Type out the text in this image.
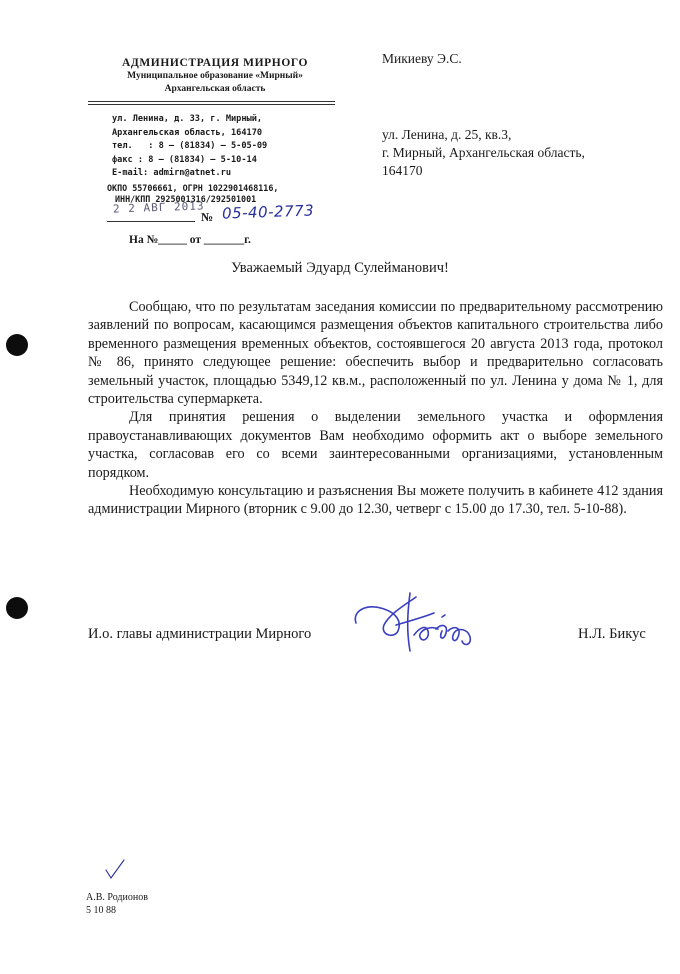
АДМИНИСТРАЦИЯ МИРНОГО
Муниципальное образование «Мирный»
Архангельская область
ул. Ленина, д. 33, г. Мирный,
Архангельская область, 164170
тел.   : 8 – (81834) – 5-05-09
факс : 8 – (81834) – 5-10-14
E-mail: admirn@atnet.ru
ОКПО 55706661, ОГРН 1022901468116,
ИНН/КПП 2925001316/292501001
2 2 АВГ 2013
№ 05-40-2773
На №_____ от _______г.
Микиеву Э.С.
ул. Ленина, д. 25, кв.3,
г. Мирный, Архангельская область,
164170
Уважаемый Эдуард Сулейманович!

Сообщаю, что по результатам заседания комиссии по предварительному рассмотрению заявлений по вопросам, касающимся размещения объектов капитального строительства либо временного размещения временных объектов, состоявшегося 20 августа 2013 года, протокол № 86, принято следующее решение: обеспечить выбор и предварительно согласовать земельный участок, площадью 5349,12 кв.м., расположенный по ул. Ленина у дома № 1, для строительства супермаркета.

Для принятия решения о выделении земельного участка и оформления правоустанавливающих документов Вам необходимо оформить акт о выборе земельного участка, согласовав его со всеми заинтересованными организациями, установленным порядком.

Необходимую консультацию и разъяснения Вы можете получить в кабинете 412 здания администрации Мирного (вторник с 9.00 до 12.30, четверг с 15.00 до 17.30, тел. 5-10-88).

И.о. главы администрации Мирного	Н.Л. Бикус
А.В. Родионов
5 10 88
